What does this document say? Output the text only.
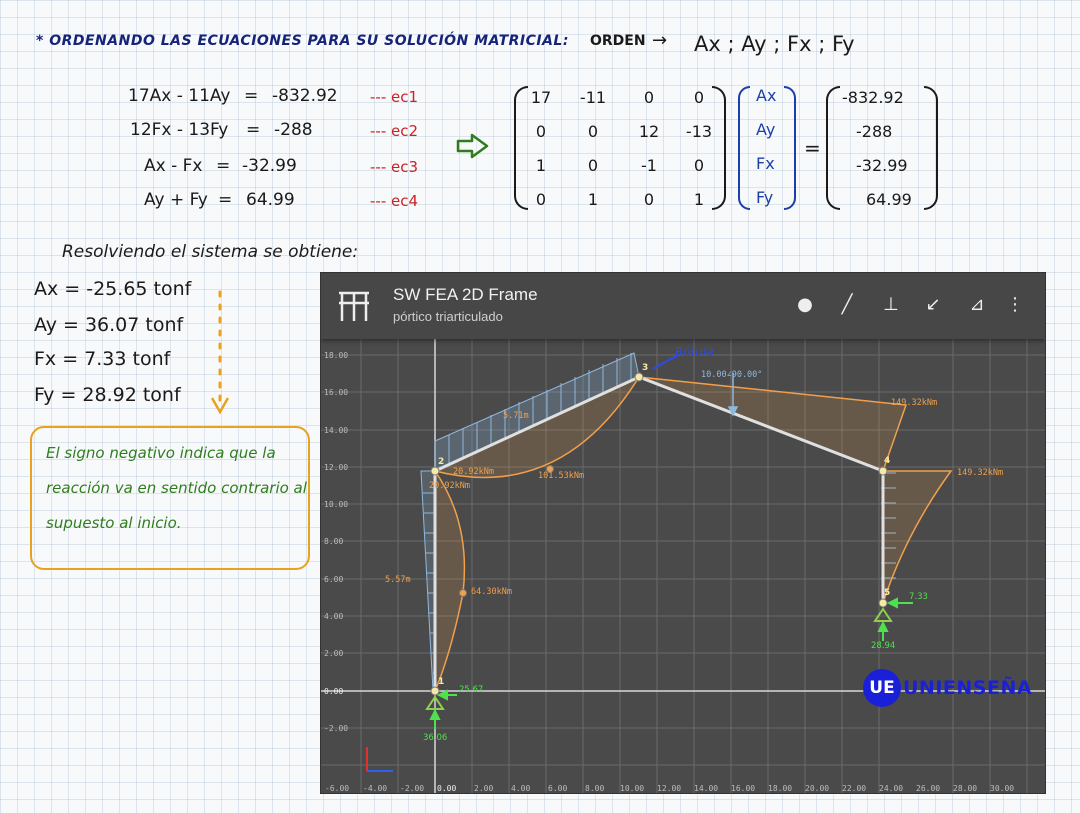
* ORDENANDO LAS ECUACIONES PARA SU SOLUCIÓN MATRICIAL: ORDEN → Ax ; Ay ; Fx ; Fy
17Ax - 11Ay = -832.92 --- ec1
12Fx - 13Fy = -288	--- ec2
Ax - Fx = -32.99	--- ec3
Ay + Fy = 64.99	--- ec4
17	-11	0	0
0	0	12	-13
1	0	-1	0
0	1	0	1
Ax
Ay
Fx
Fy
=
-832.92
-288
-32.99
64.99
Resolviendo el sistema se obtiene:
Ax = -25.65 tonf
Ay = 36.07 tonf
Fx = 7.33 tonf
Fy = 28.92 tonf
El signo negativo indica que la reacción va en sentido contrario al supuesto al inicio.
SW FEA 2D Frame
pórtico triarticulado
●	╱	⊥	↙	⊿	⋮
18.00
16.00
14.00
12.00
10.00
8.00
6.00
4.00
2.00
0.00
-2.00
-6.00 -4.00 -2.00 0.00 2.00 4.00 6.00 8.00 10.00 12.00 14.00 16.00 18.00 20.00 22.00 24.00 26.00 28.00 30.00
1
2
3
4
5
20.92kNm
20.92kNm
101.53kNm
64.30kNm
149.32kNm
149.32kNm
5.71m
5.57m
10.00∠90.00°
Rótula
25.67
36.06
7.33
28.94
UE UNIENSEÑA
